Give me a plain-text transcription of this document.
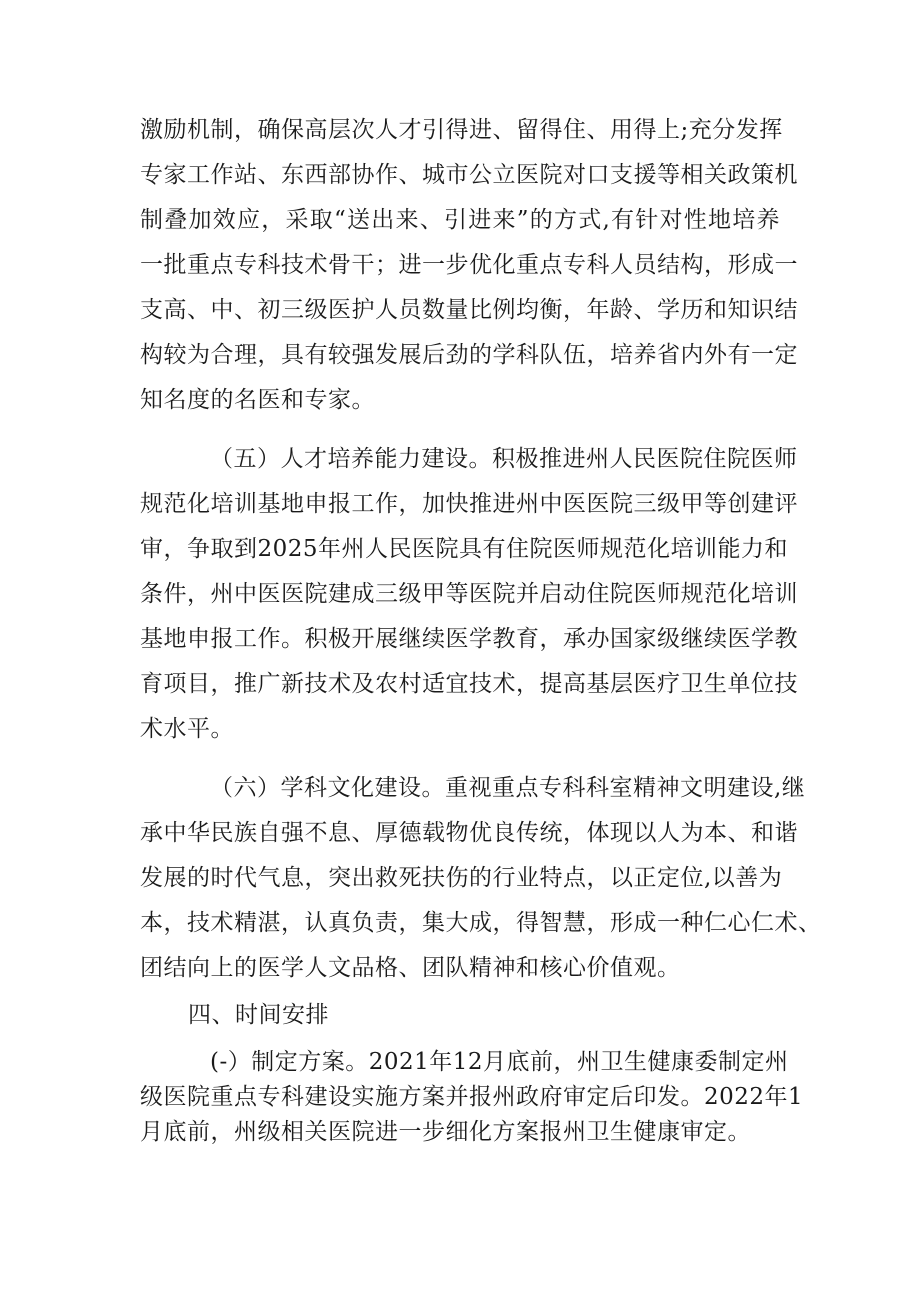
激励机制，确保高层次人才引得进、留得住、用得上;充分发挥
专家工作站、东西部协作、城市公立医院对口支援等相关政策机
制叠加效应，采取“送出来、引进来”的方式,有针对性地培养
一批重点专科技术骨干；进一步优化重点专科人员结构，形成一
支高、中、初三级医护人员数量比例均衡，年龄、学历和知识结
构较为合理，具有较强发展后劲的学科队伍，培养省内外有一定
知名度的名医和专家。
（五）人才培养能力建设。积极推进州人民医院住院医师
规范化培训基地申报工作，加快推进州中医医院三级甲等创建评
审，争取到2025年州人民医院具有住院医师规范化培训能力和
条件，州中医医院建成三级甲等医院并启动住院医师规范化培训
基地申报工作。积极开展继续医学教育，承办国家级继续医学教
育项目，推广新技术及农村适宜技术，提高基层医疗卫生单位技
术水平。
（六）学科文化建设。重视重点专科科室精神文明建设,继
承中华民族自强不息、厚德载物优良传统，体现以人为本、和谐
发展的时代气息，突出救死扶伤的行业特点，以正定位,以善为
本，技术精湛，认真负责，集大成，得智慧，形成一种仁心仁术、
团结向上的医学人文品格、团队精神和核心价值观。
四、时间安排
(-）制定方案。2021年12月底前，州卫生健康委制定州
级医院重点专科建设实施方案并报州政府审定后印发。2022年1
月底前，州级相关医院进一步细化方案报州卫生健康审定。
